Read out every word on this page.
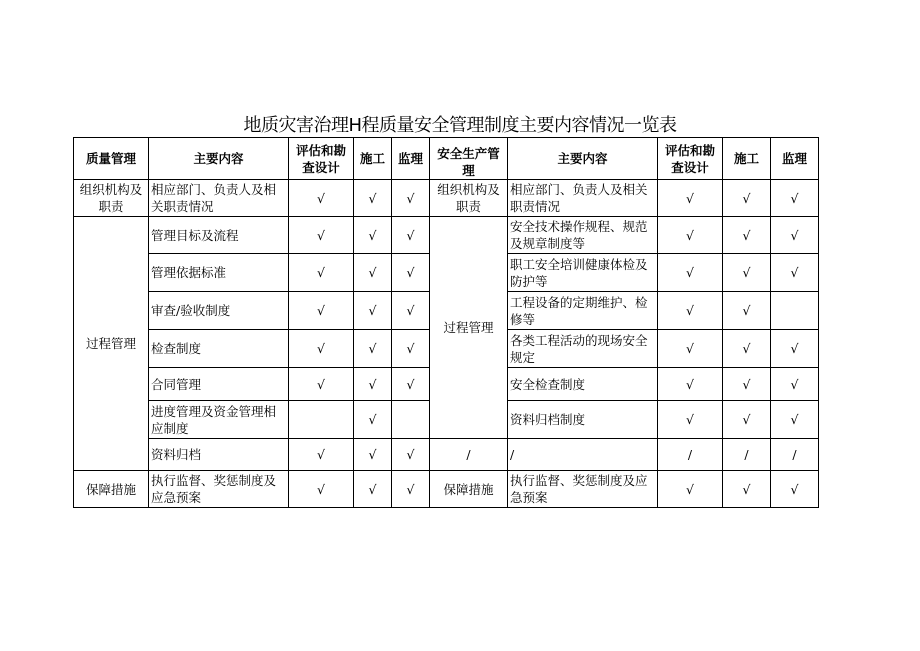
地质灾害治理H程质量安全管理制度主要内容情况一览表
质量管理	主要内容	评估和勘查设计	施工	监理	安全生产管理	主要内容	评估和勘查设计	施工	监理
组织机构及职责	相应部门、负责人及相关职责情况	√	√	√	组织机构及职责	相应部门、负责人及相关职责情况	√	√	√
过程管理	管理目标及流程	√	√	√	过程管理	安全技术操作规程、规范及规章制度等	√	√	√
	管理依据标准	√	√	√		职工安全培训健康体检及防护等	√	√	√
	审查/验收制度	√	√	√		工程设备的定期维护、检修等	√	√	
	检查制度	√	√	√		各类工程活动的现场安全规定	√	√	√
	合同管理	√	√	√		安全检查制度	√	√	√
	进度管理及资金管理相应制度		√			资料归档制度	√	√	√
	资料归档	√	√	√	/	/	/	/	/
保障措施	执行监督、奖惩制度及应急预案	√	√	√	保障措施	执行监督、奖惩制度及应急预案	√	√	√
